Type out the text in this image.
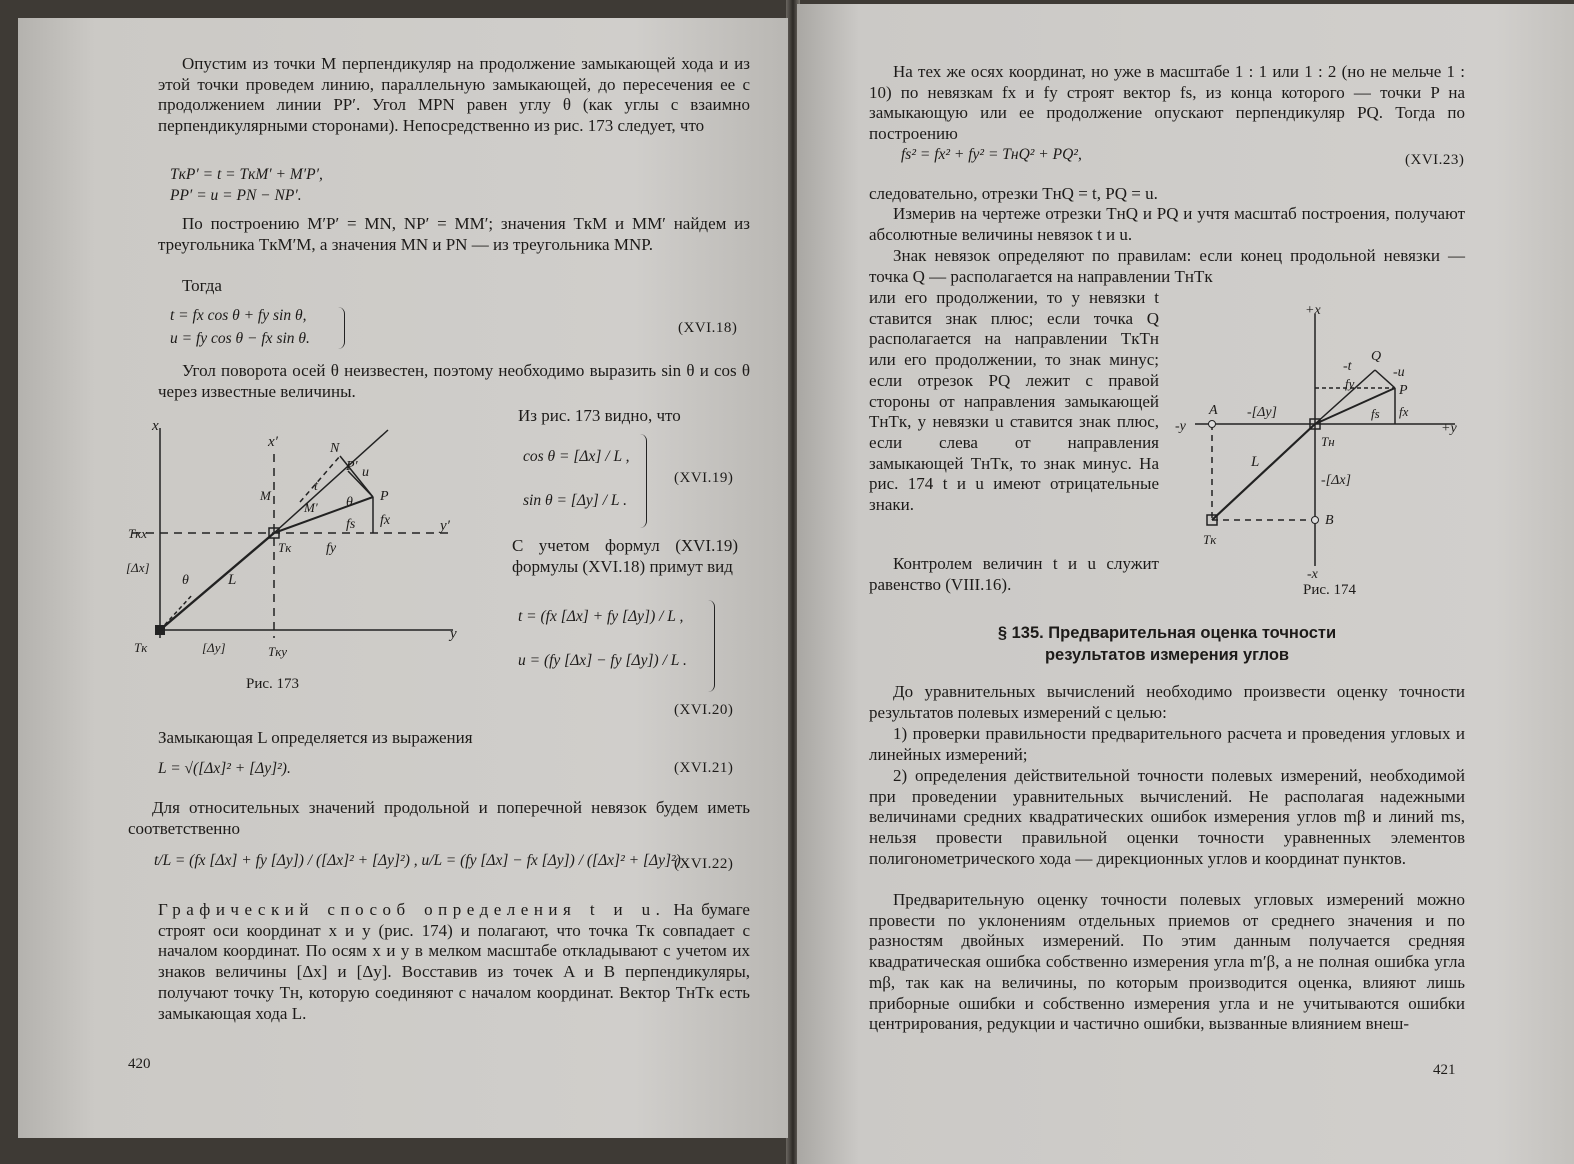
Опустим из точки M перпендикуляр на продолжение замыкающей хода и из этой точки проведем линию, параллельную замыкающей, до пересечения ее с продолжением линии PP′. Угол MPN равен углу θ (как углы с взаимно перпендикулярными сторонами). Непосредственно из рис. 173 следует, что

TкP′ = t = TкM′ + M′P′,
PP′ = u = PN − NP′.

По построению M′P′ = MN, NP′ = MM′; значения TкM и MM′ найдем из треугольника TкM′M, а значения MN и PN — из треугольника MNP.

Тогда

t = fx cos θ + fy sin θ,
u = fy cos θ − fx sin θ.
(XVI.18)

Угол поворота осей θ неизвестен, поэтому необходимо выразить sin θ и cos θ через известные величины.

x
x′	N
P′ u
θ P
M
t
M′
fs fx
Tкx
[Δx]
θ
Tк fy
y′
L
Tк	[Δy]	Tкy
y
Рис. 173

Из рис. 173 видно, что

cos θ = [Δx] / L ,
sin θ = [Δy] / L .
(XVI.19)

С учетом формул (XVI.19) формулы (XVI.18) примут вид

t = (fx [Δx] + fy [Δy]) / L ,
u = (fy [Δx] − fy [Δy]) / L .
(XVI.20)

Замыкающая L определяется из выражения

L = √([Δx]² + [Δy]²).	(XVI.21)

Для относительных значений продольной и поперечной невязок будем иметь соответственно

t/L = (fx [Δx] + fy [Δy]) / ([Δx]² + [Δy]²) , u/L = (fy [Δx] − fx [Δy]) / ([Δx]² + [Δy]²) .
(XVI.22)
Графический способ определения t и u. На бумаге строят оси координат x и y (рис. 174) и полагают, что точка Tк совпадает с началом координат. По осям x и y в мелком масштабе откладывают с учетом их знаков величины [Δx] и [Δy]. Восставив из точек A и B перпендикуляры, получают точку Tн, которую соединяют с началом координат. Вектор TнTк есть замыкающая хода L.
420

На тех же осях координат, но уже в масштабе 1 : 1 или 1 : 2 (но не мельче 1 : 10) по невязкам fx и fy строят вектор fs, из конца которого — точки P на замыкающую или ее продолжение опускают перпендикуляр PQ. Тогда по построению

fs² = fx² + fy² = TнQ² + PQ²,	(XVI.23)

следовательно, отрезки TнQ = t, PQ = u.

Измерив на чертеже отрезки TнQ и PQ и учтя масштаб построения, получают абсолютные величины невязок t и u.

Знак невязок определяют по правилам: если конец продольной невязки — точка Q — располагается на направлении TнTк

или его продолжении, то у невязки t ставится знак плюс; если точка Q располагается на направлении TкTн или его продолжении, то знак минус; если отрезок PQ лежит с правой стороны от направления замыкающей TнTк, у невязки u ставится знак плюс, если слева от направления замыкающей TнTк, то знак минус. На рис. 174 t и u имеют отрицательные знаки.

Контролем величин t и u служит равенство (VIII.16).

+x
Q
-t	-u
fy	P
-[Δy]	fs fx
A
-y	+y
Tн
L
-[Δx]
B
Tк
-x
Рис. 174
§ 135. Предварительная оценка точности
результатов измерения углов

До уравнительных вычислений необходимо произвести оценку точности результатов полевых измерений с целью:

1) проверки правильности предварительного расчета и проведения угловых и линейных измерений;

2) определения действительной точности полевых измерений, необходимой при проведении уравнительных вычислений. Не располагая надежными величинами средних квадратических ошибок измерения углов mβ и линий ms, нельзя провести правильной оценки точности уравненных элементов полигонометрического хода — дирекционных углов и координат пунктов.

Предварительную оценку точности полевых угловых измерений можно провести по уклонениям отдельных приемов от среднего значения и по разностям двойных измерений. По этим данным получается средняя квадратическая ошибка собственно измерения угла m′β, а не полная ошибка угла mβ, так как на величины, по которым производится оценка, влияют лишь приборные ошибки и собственно измерения угла и не учитываются ошибки центрирования, редукции и частично ошибки, вызванные влиянием внеш-

421
